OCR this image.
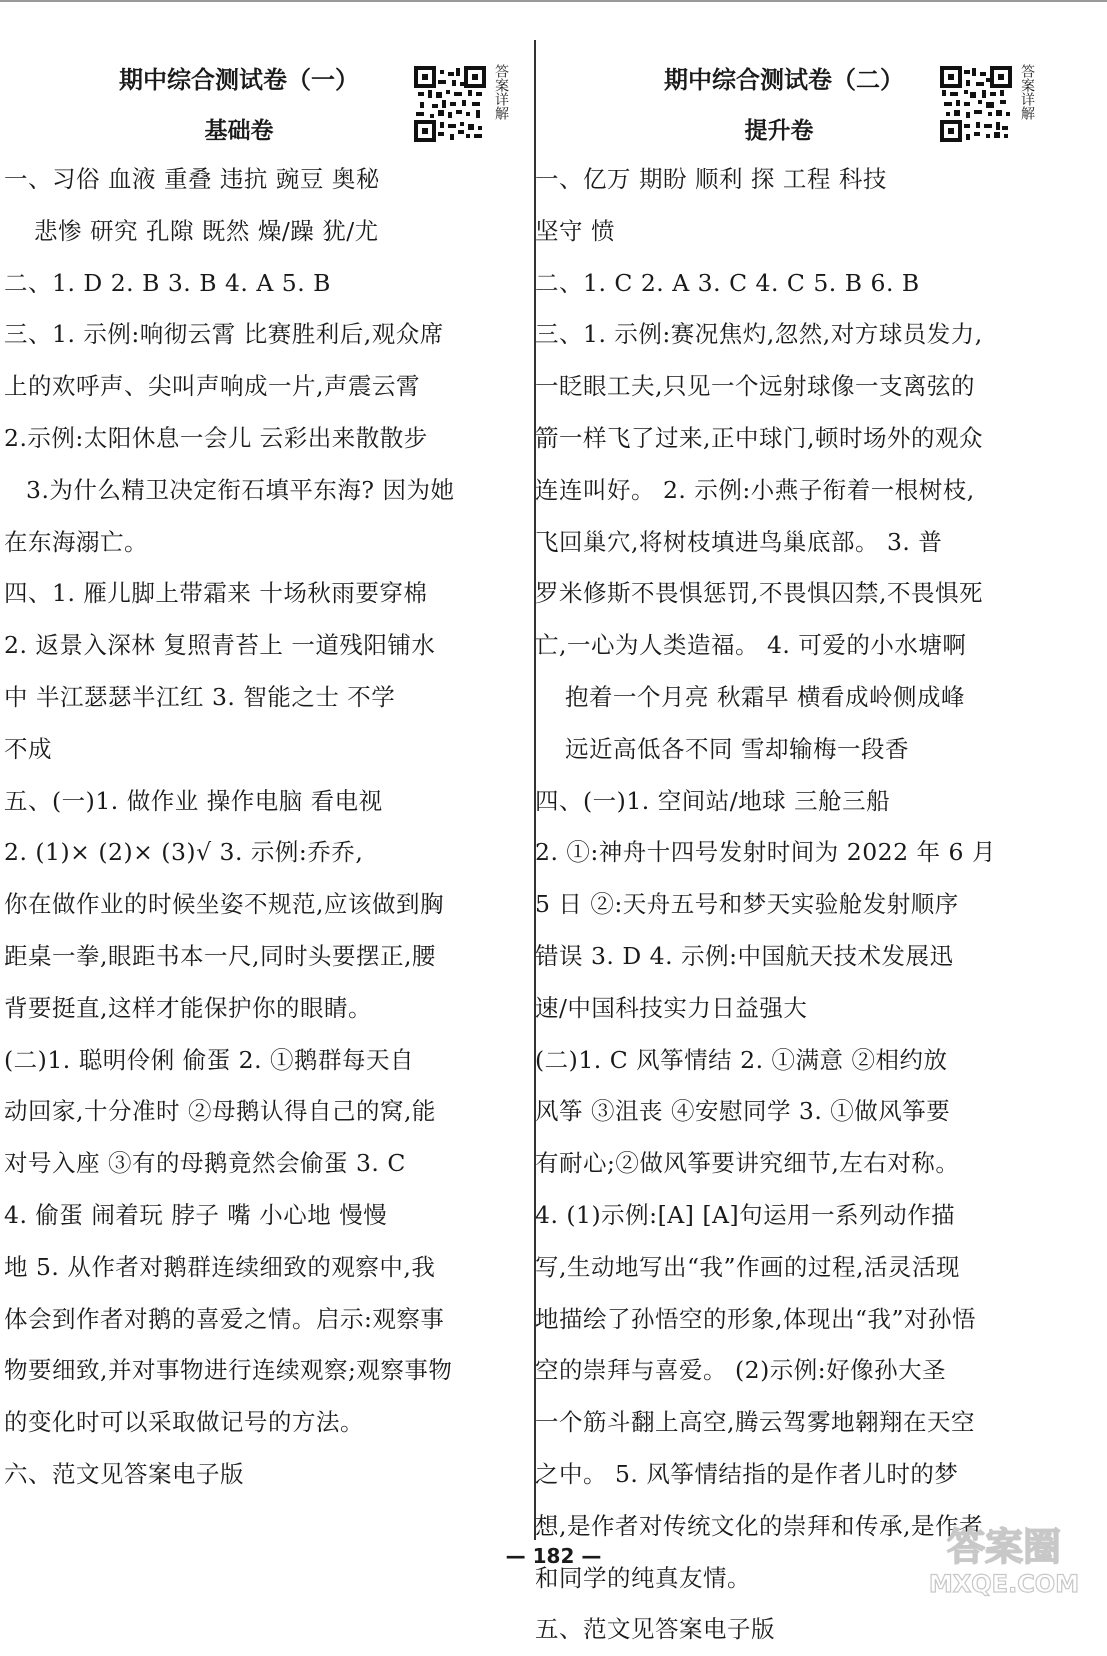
期中综合测试卷（一）
基础卷
答案详解
一、习俗 血液 重叠 违抗 豌豆 奥秘
悲惨 研究 孔隙 既然 燥/躁 犹/尤
二、1. D 2. B 3. B 4. A 5. B
三、1. 示例:响彻云霄 比赛胜利后,观众席
上的欢呼声、尖叫声响成一片,声震云霄
2.示例:太阳休息一会儿 云彩出来散散步
3.为什么精卫决定衔石填平东海? 因为她
在东海溺亡。
四、1. 雁儿脚上带霜来 十场秋雨要穿棉
2. 返景入深林 复照青苔上 一道残阳铺水
中 半江瑟瑟半江红 3. 智能之士 不学
不成
五、(一)1. 做作业 操作电脑 看电视
2. (1)× (2)× (3)√ 3. 示例:乔乔,
你在做作业的时候坐姿不规范,应该做到胸
距桌一拳,眼距书本一尺,同时头要摆正,腰
背要挺直,这样才能保护你的眼睛。
(二)1. 聪明伶俐 偷蛋 2. ①鹅群每天自
动回家,十分准时 ②母鹅认得自己的窝,能
对号入座 ③有的母鹅竟然会偷蛋 3. C
4. 偷蛋 闹着玩 脖子 嘴 小心地 慢慢
地 5. 从作者对鹅群连续细致的观察中,我
体会到作者对鹅的喜爱之情。启示:观察事
物要细致,并对事物进行连续观察;观察事物
的变化时可以采取做记号的方法。
六、范文见答案电子版
期中综合测试卷（二）
提升卷
答案详解
一、亿万 期盼 顺利 探 工程 科技
坚守 愤
二、1. C 2. A 3. C 4. C 5. B 6. B
三、1. 示例:赛况焦灼,忽然,对方球员发力,
一眨眼工夫,只见一个远射球像一支离弦的
箭一样飞了过来,正中球门,顿时场外的观众
连连叫好。 2. 示例:小燕子衔着一根树枝,
飞回巢穴,将树枝填进鸟巢底部。 3. 普
罗米修斯不畏惧惩罚,不畏惧囚禁,不畏惧死
亡,一心为人类造福。 4. 可爱的小水塘啊
抱着一个月亮 秋霜早 横看成岭侧成峰
远近高低各不同 雪却输梅一段香
四、(一)1. 空间站/地球 三舱三船
2. ①:神舟十四号发射时间为 2022 年 6 月
5 日 ②:天舟五号和梦天实验舱发射顺序
错误 3. D 4. 示例:中国航天技术发展迅
速/中国科技实力日益强大
(二)1. C 风筝情结 2. ①满意 ②相约放
风筝 ③沮丧 ④安慰同学 3. ①做风筝要
有耐心;②做风筝要讲究细节,左右对称。
4. (1)示例:[A] [A]句运用一系列动作描
写,生动地写出“我”作画的过程,活灵活现
地描绘了孙悟空的形象,体现出“我”对孙悟
空的崇拜与喜爱。 (2)示例:好像孙大圣
一个筋斗翻上高空,腾云驾雾地翱翔在天空
之中。 5. 风筝情结指的是作者儿时的梦
想,是作者对传统文化的崇拜和传承,是作者
和同学的纯真友情。
五、范文见答案电子版
— 182 —	答案圈
MXQE.COM
